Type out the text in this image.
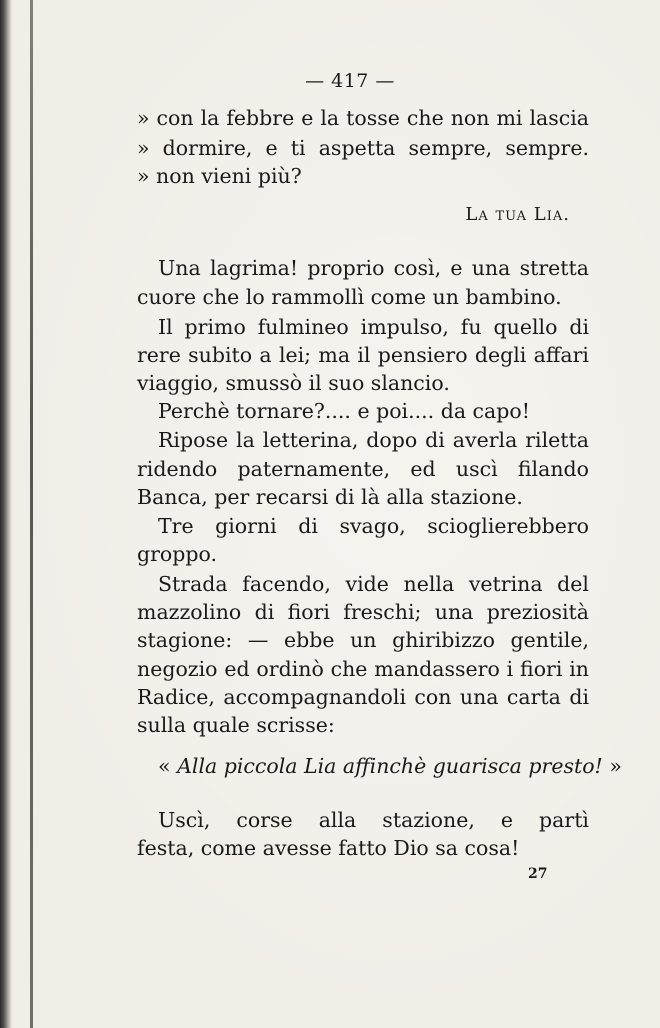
— 417 —
» con la febbre e la tosse che non mi lascia
» dormire, e ti aspetta sempre, sempre.
» non vieni più?
La tua Lia.
Una lagrima! proprio così, e una stretta
cuore che lo rammollì come un bambino.
Il primo fulmineo impulso, fu quello di
rere subito a lei; ma il pensiero degli affari
viaggio, smussò il suo slancio.
Perchè tornare?.... e poi.... da capo!
Ripose la letterina, dopo di averla riletta
ridendo paternamente, ed uscì filando
Banca, per recarsi di là alla stazione.
Tre giorni di svago, scioglierebbero
groppo.
Strada facendo, vide nella vetrina del
mazzolino di fiori freschi; una preziosità
stagione: — ebbe un ghiribizzo gentile,
negozio ed ordinò che mandassero i fiori in
Radice, accompagnandoli con una carta di
sulla quale scrisse:
« Alla piccola Lia affinchè guarisca presto! »
Uscì, corse alla stazione, e partì
festa, come avesse fatto Dio sa cosa!
27
